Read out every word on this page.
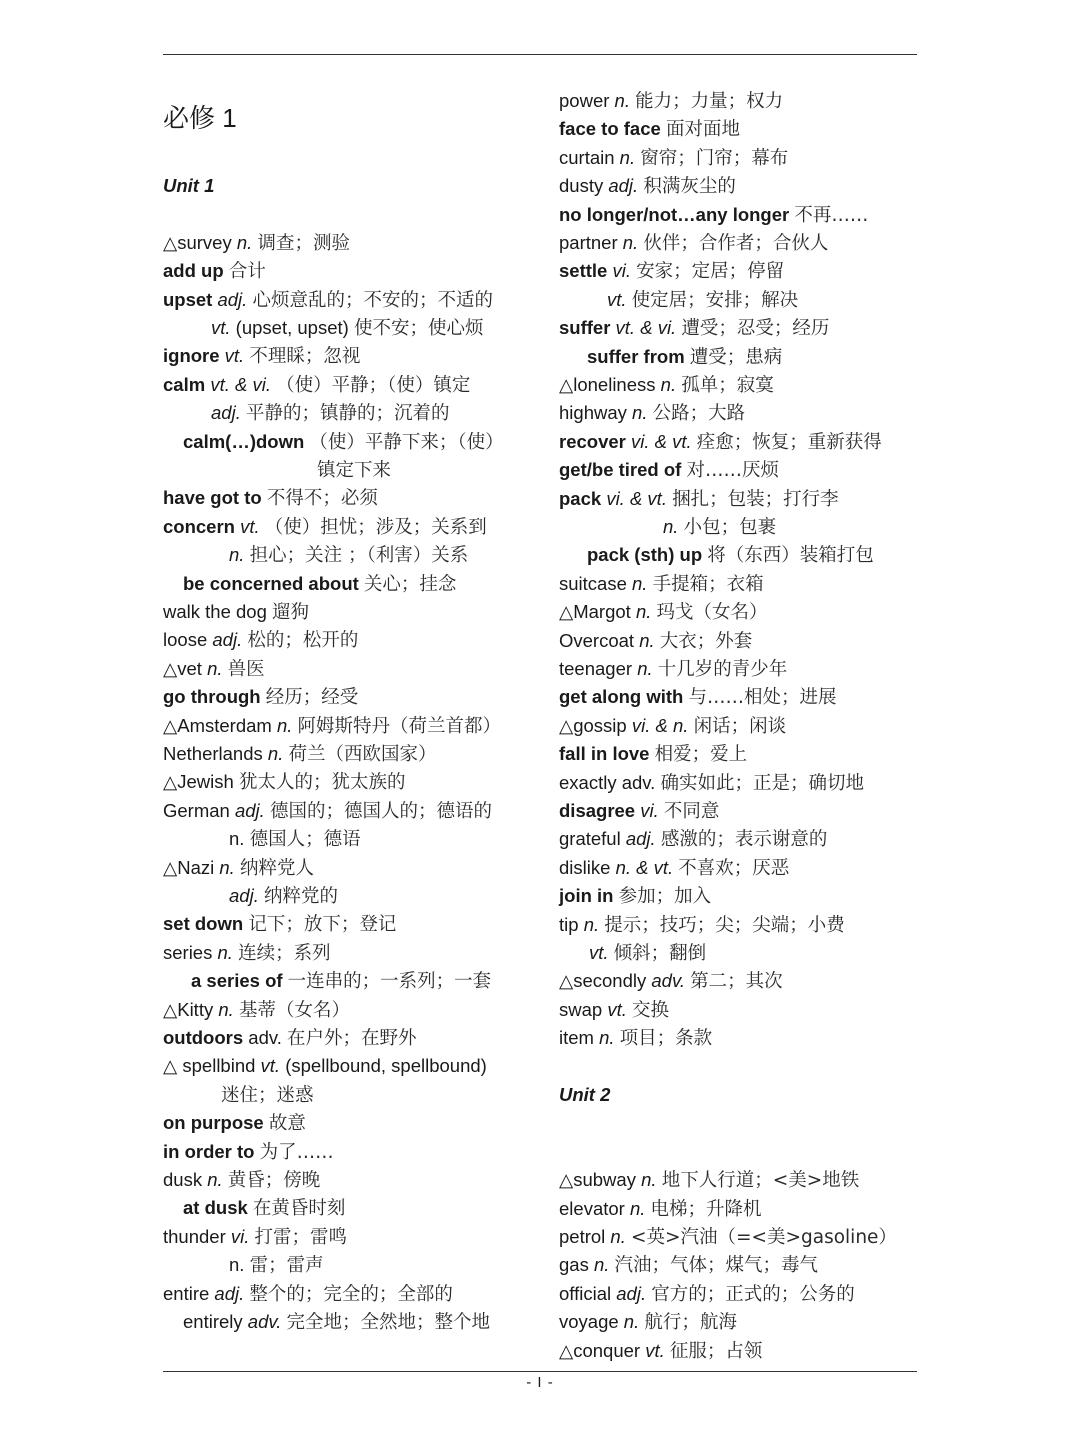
必修 1
Unit 1
△survey n. 调查；测验
add up 合计
upset adj. 心烦意乱的；不安的；不适的
vt. (upset, upset) 使不安；使心烦
ignore vt. 不理睬；忽视
calm vt. & vi. （使）平静；（使）镇定
adj. 平静的；镇静的；沉着的
calm(…)down （使）平静下来；（使）
镇定下来
have got to 不得不；必须
concern vt. （使）担忧；涉及；关系到
n. 担心；关注 ；（利害）关系
be concerned about 关心；挂念
walk the dog 遛狗
loose adj. 松的；松开的
△vet n. 兽医
go through 经历；经受
△Amsterdam n. 阿姆斯特丹（荷兰首都）
Netherlands n. 荷兰（西欧国家）
△Jewish 犹太人的；犹太族的
German adj. 德国的；德国人的；德语的
n. 德国人；德语
△Nazi n. 纳粹党人
adj. 纳粹党的
set down 记下；放下；登记
series n. 连续；系列
a series of 一连串的；一系列；一套
△Kitty n. 基蒂（女名）
outdoors adv. 在户外；在野外
△ spellbind vt. (spellbound, spellbound)
迷住；迷惑
on purpose 故意
in order to 为了……
dusk n. 黄昏；傍晚
at dusk 在黄昏时刻
thunder vi. 打雷；雷鸣
n. 雷；雷声
entire adj. 整个的；完全的；全部的
entirely adv. 完全地；全然地；整个地
power n. 能力；力量；权力
face to face 面对面地
curtain n. 窗帘；门帘；幕布
dusty adj. 积满灰尘的
no longer/not…any longer 不再……
partner n. 伙伴；合作者；合伙人
settle vi. 安家；定居；停留
vt. 使定居；安排；解决
suffer vt. & vi. 遭受；忍受；经历
suffer from 遭受；患病
△loneliness n. 孤单；寂寞
highway n. 公路；大路
recover vi. & vt. 痊愈；恢复；重新获得
get/be tired of 对……厌烦
pack vi. & vt. 捆扎；包装；打行李
n. 小包；包裹
pack (sth) up 将（东西）装箱打包
suitcase n. 手提箱；衣箱
△Margot n. 玛戈（女名）
Overcoat n. 大衣；外套
teenager n. 十几岁的青少年
get along with 与……相处；进展
△gossip vi. & n. 闲话；闲谈
fall in love 相爱；爱上
exactly adv. 确实如此；正是；确切地
disagree vi. 不同意
grateful adj. 感激的；表示谢意的
dislike n. & vt. 不喜欢；厌恶
join in 参加；加入
tip n. 提示；技巧；尖；尖端；小费
vt. 倾斜；翻倒
△secondly adv. 第二；其次
swap vt. 交换
item n. 项目；条款
Unit 2
△subway n. 地下人行道；<美>地铁
elevator n. 电梯；升降机
petrol n. <英>汽油（=<美>gasoline）
gas n. 汽油；气体；煤气；毒气
official adj. 官方的；正式的；公务的
voyage n. 航行；航海
△conquer vt. 征服；占领
- I -
